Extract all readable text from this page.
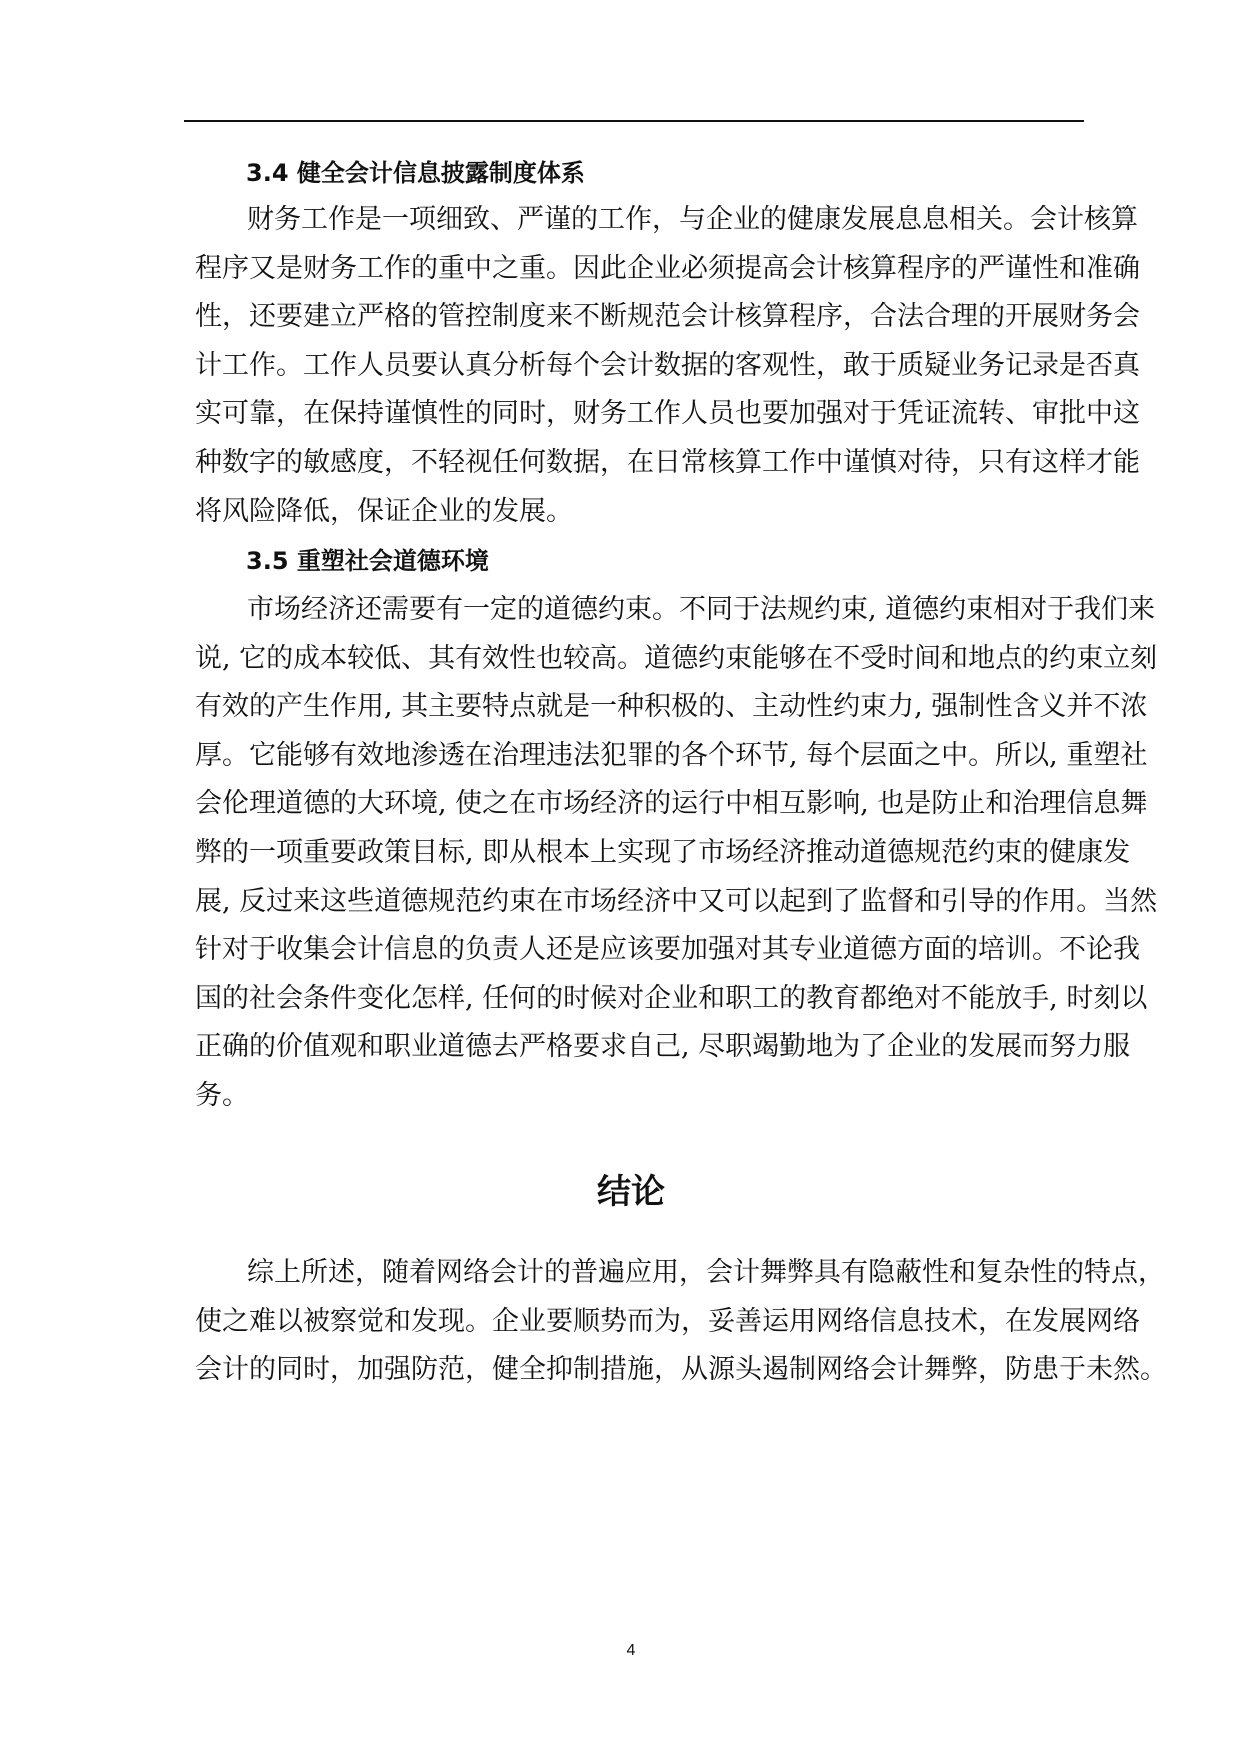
3.4 健全会计信息披露制度体系
财务工作是一项细致、严谨的工作，与企业的健康发展息息相关。会计核算
程序又是财务工作的重中之重。因此企业必须提高会计核算程序的严谨性和准确
性，还要建立严格的管控制度来不断规范会计核算程序，合法合理的开展财务会
计工作。工作人员要认真分析每个会计数据的客观性，敢于质疑业务记录是否真
实可靠，在保持谨慎性的同时，财务工作人员也要加强对于凭证流转、审批中这
种数字的敏感度，不轻视任何数据，在日常核算工作中谨慎对待，只有这样才能
将风险降低，保证企业的发展。
3.5 重塑社会道德环境
市场经济还需要有一定的道德约束。不同于法规约束, 道德约束相对于我们来
说, 它的成本较低、其有效性也较高。道德约束能够在不受时间和地点的约束立刻
有效的产生作用, 其主要特点就是一种积极的、主动性约束力, 强制性含义并不浓
厚。它能够有效地渗透在治理违法犯罪的各个环节, 每个层面之中。所以, 重塑社
会伦理道德的大环境, 使之在市场经济的运行中相互影响, 也是防止和治理信息舞
弊的一项重要政策目标, 即从根本上实现了市场经济推动道德规范约束的健康发
展, 反过来这些道德规范约束在市场经济中又可以起到了监督和引导的作用。当然
针对于收集会计信息的负责人还是应该要加强对其专业道德方面的培训。不论我
国的社会条件变化怎样, 任何的时候对企业和职工的教育都绝对不能放手, 时刻以
正确的价值观和职业道德去严格要求自己, 尽职竭勤地为了企业的发展而努力服
务。
结论
综上所述，随着网络会计的普遍应用，会计舞弊具有隐蔽性和复杂性的特点，
使之难以被察觉和发现。企业要顺势而为，妥善运用网络信息技术，在发展网络
会计的同时，加强防范，健全抑制措施，从源头遏制网络会计舞弊，防患于未然。
4
